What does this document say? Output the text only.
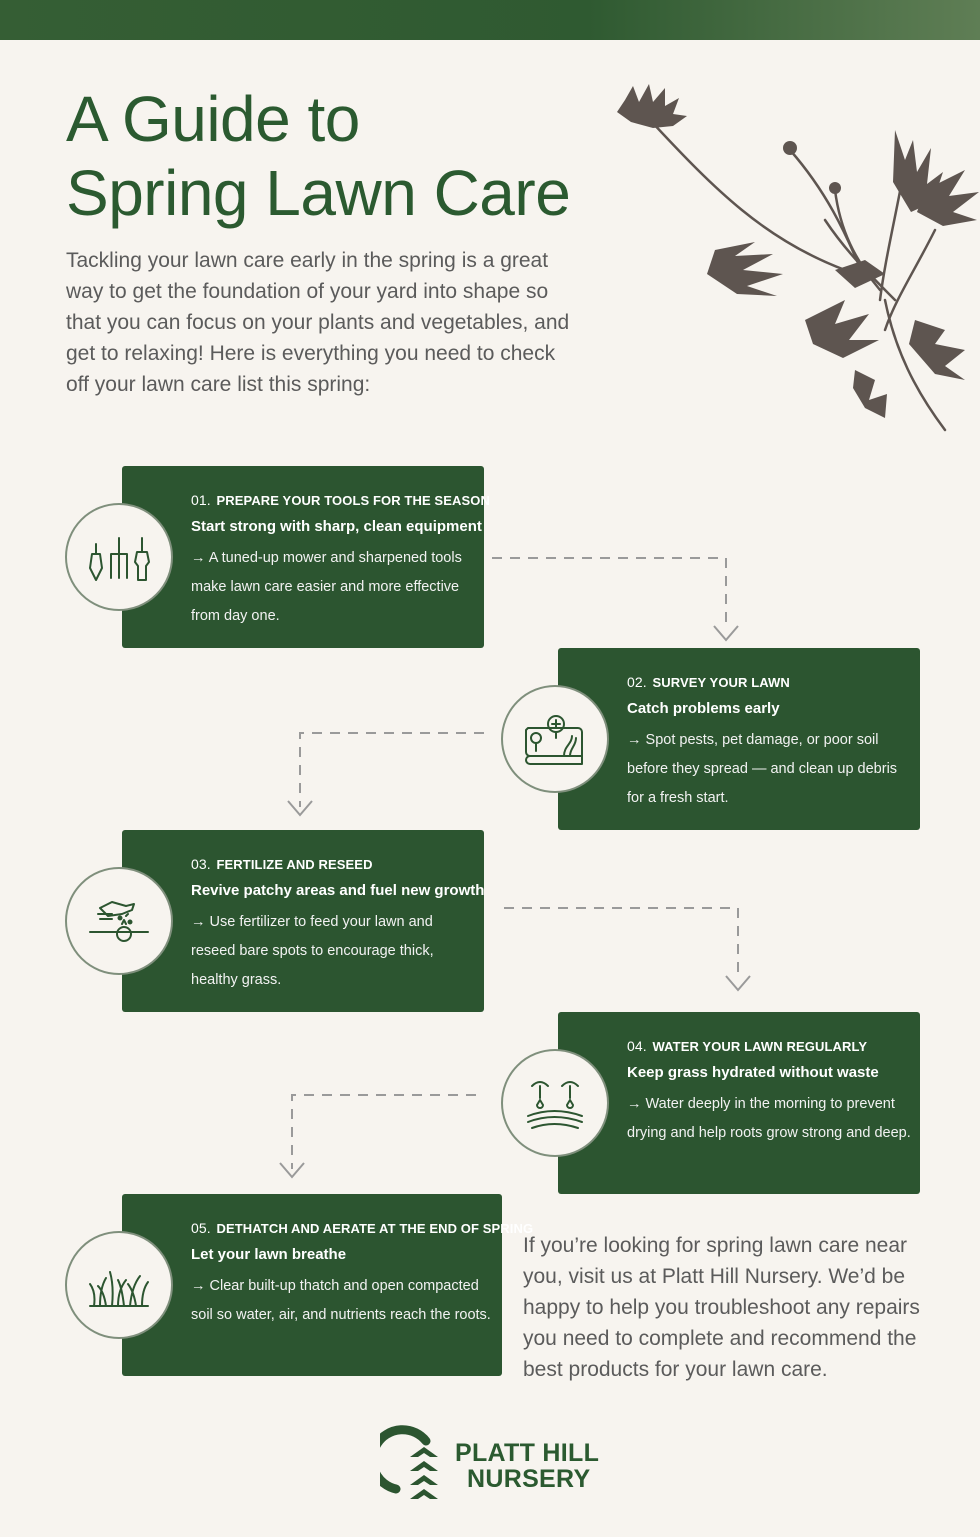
A Guide to
Spring Lawn Care

Tackling your lawn care early in the spring is a great way to get the foundation of your yard into shape so that you can focus on your plants and vegetables, and get to relaxing! Here is everything you need to check off your lawn care list this spring:

01. PREPARE YOUR TOOLS FOR THE SEASON
Start strong with sharp, clean equipment
→ A tuned-up mower and sharpened tools make lawn care easier and more effective from day one.
02. SURVEY YOUR LAWN
Catch problems early
→ Spot pests, pet damage, or poor soil before they spread — and clean up debris for a fresh start.
03. FERTILIZE AND RESEED
Revive patchy areas and fuel new growth
→ Use fertilizer to feed your lawn and reseed bare spots to encourage thick, healthy grass.
04. WATER YOUR LAWN REGULARLY
Keep grass hydrated without waste
→ Water deeply in the morning to prevent drying and help roots grow strong and deep.
05. DETHATCH AND AERATE AT THE END OF SPRING
Let your lawn breathe
→ Clear built-up thatch and open compacted soil so water, air, and nutrients reach the roots.

If you’re looking for spring lawn care near you, visit us at Platt Hill Nursery. We’d be happy to help you troubleshoot any repairs you need to complete and recommend the best products for your lawn care.

PLATT HILL
NURSERY
